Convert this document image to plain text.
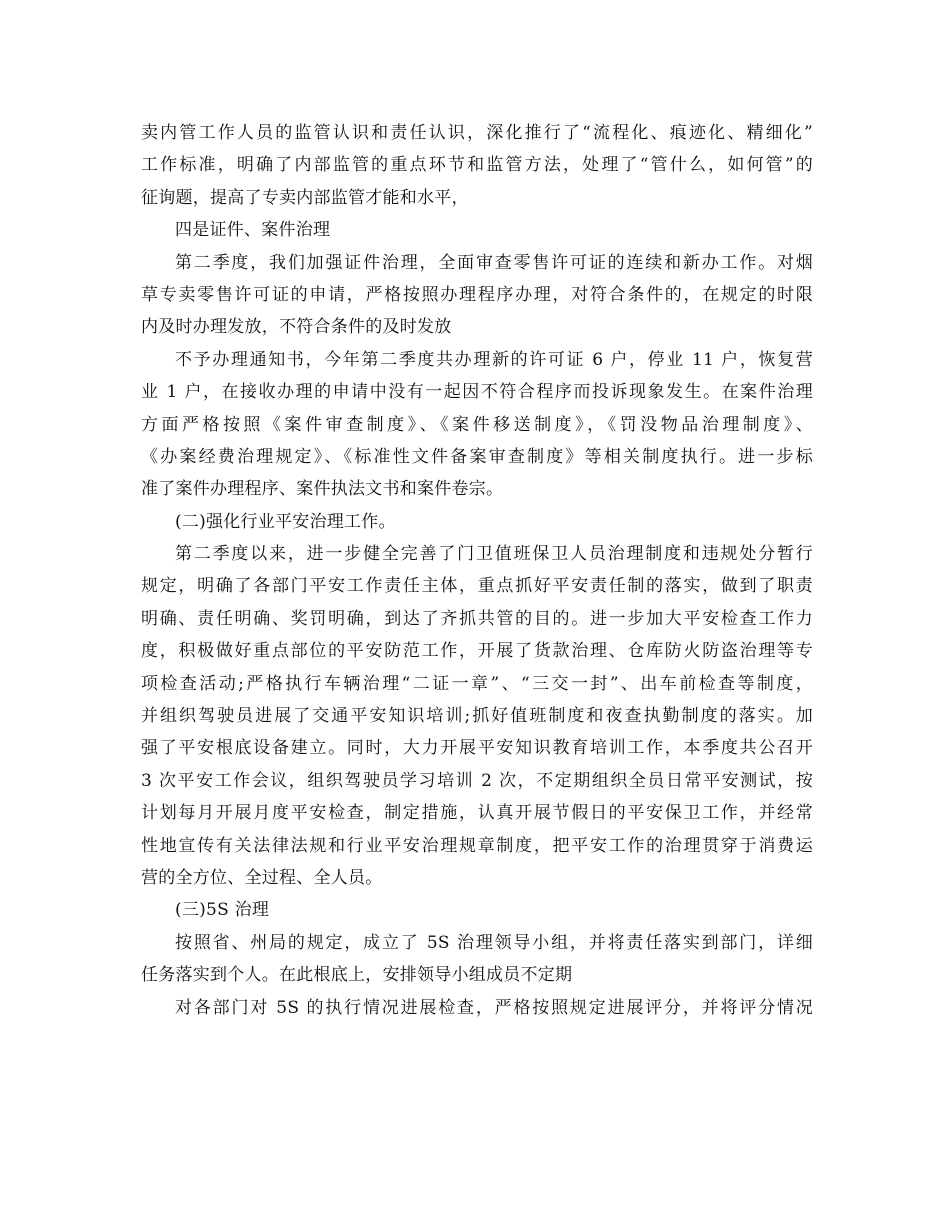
卖内管工作人员的监管认识和责任认识，深化推行了“流程化、痕迹化、精细化”
工作标准，明确了内部监管的重点环节和监管方法，处理了“管什么，如何管”的
征询题，提高了专卖内部监管才能和水平，
四是证件、案件治理
第二季度，我们加强证件治理，全面审查零售许可证的连续和新办工作。对烟
草专卖零售许可证的申请，严格按照办理程序办理，对符合条件的，在规定的时限
内及时办理发放，不符合条件的及时发放
不予办理通知书，今年第二季度共办理新的许可证 6 户，停业 11 户，恢复营
业 1 户，在接收办理的申请中没有一起因不符合程序而投诉现象发生。在案件治理
方面严格按照《案件审查制度》、《案件移送制度》，《罚没物品治理制度》、
《办案经费治理规定》、《标准性文件备案审查制度》等相关制度执行。进一步标
准了案件办理程序、案件执法文书和案件卷宗。
(二)强化行业平安治理工作。
第二季度以来，进一步健全完善了门卫值班保卫人员治理制度和违规处分暂行
规定，明确了各部门平安工作责任主体，重点抓好平安责任制的落实，做到了职责
明确、责任明确、奖罚明确，到达了齐抓共管的目的。进一步加大平安检查工作力
度，积极做好重点部位的平安防范工作，开展了货款治理、仓库防火防盗治理等专
项检查活动;严格执行车辆治理“二证一章”、“三交一封”、出车前检查等制度，
并组织驾驶员进展了交通平安知识培训;抓好值班制度和夜查执勤制度的落实。加
强了平安根底设备建立。同时，大力开展平安知识教育培训工作，本季度共公召开
3 次平安工作会议，组织驾驶员学习培训 2 次，不定期组织全员日常平安测试，按
计划每月开展月度平安检查，制定措施，认真开展节假日的平安保卫工作，并经常
性地宣传有关法律法规和行业平安治理规章制度，把平安工作的治理贯穿于消费运
营的全方位、全过程、全人员。
(三)5S 治理
按照省、州局的规定，成立了 5S 治理领导小组，并将责任落实到部门，详细
任务落实到个人。在此根底上，安排领导小组成员不定期
对各部门对 5S 的执行情况进展检查，严格按照规定进展评分，并将评分情况
